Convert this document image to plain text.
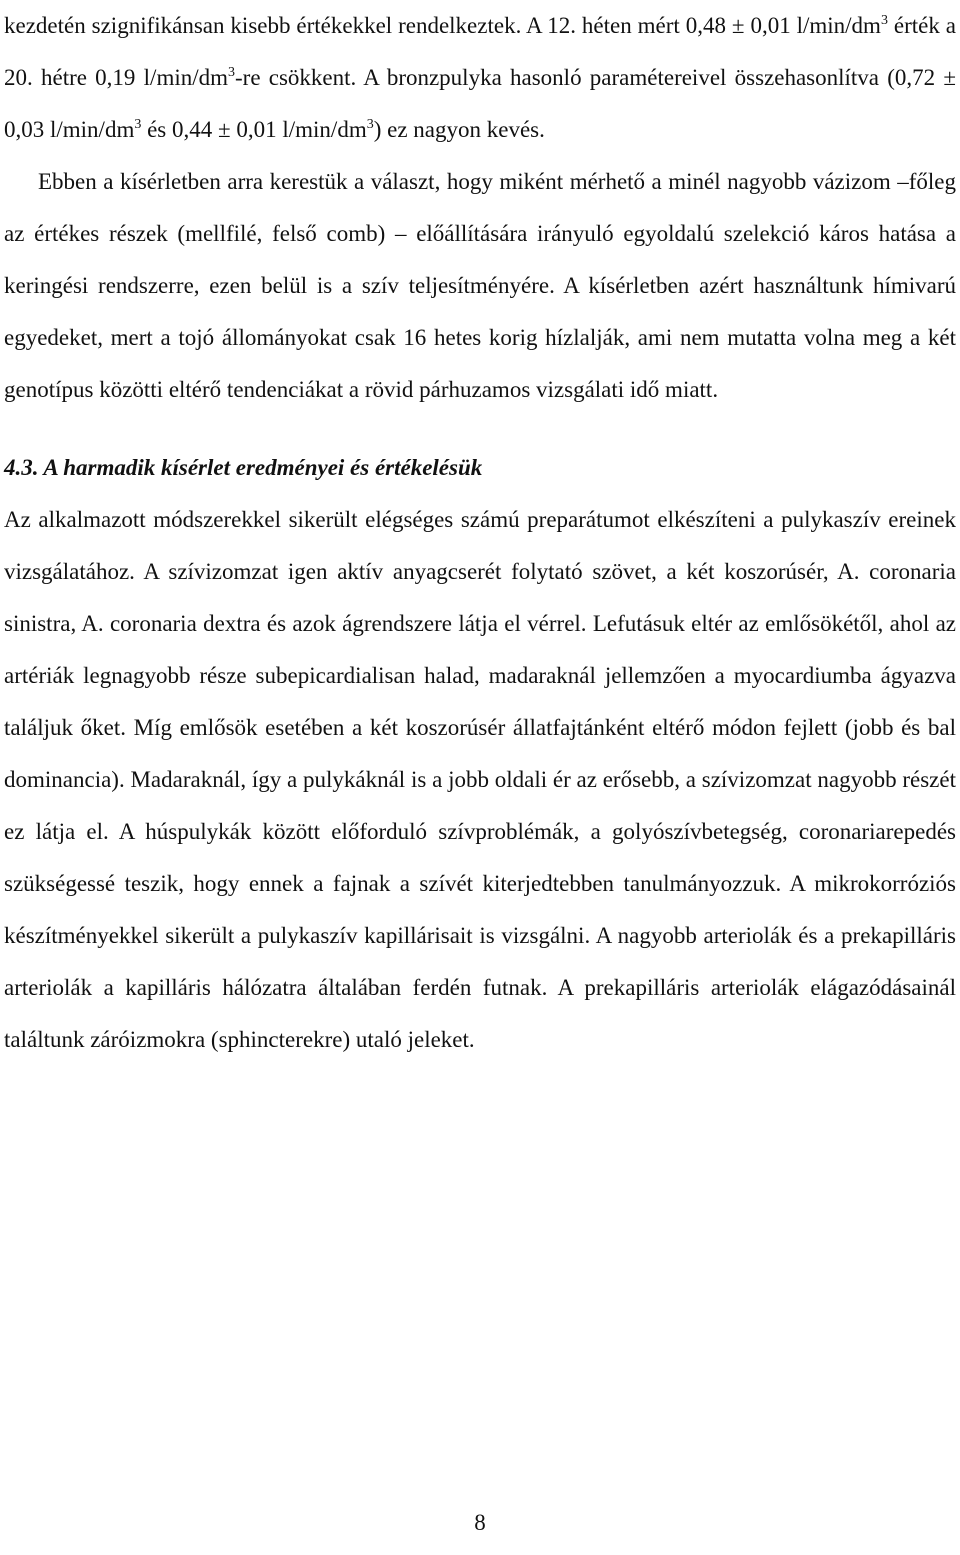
kezdetén szignifikánsan kisebb értékekkel rendelkeztek. A 12. héten mért 0,48 ± 0,01 $l/\min/dm^3$ érték a 20. hétre 0,19 $l/\min/dm^3-re$ csökkent. A bronzpulyka hasonló paramétereivel összehasonlítva (0,72 ± 0,03 $l/\min/dm^3$ és 0,44 ± 0,01 $l/\min/dm^3$) ez nagyon kevés.

Ebben a kísérletben arra kerestük a választ, hogy miként mérhető a minél nagyobb vázizom –főleg az értékes részek (mellfilé, felső comb) – előállítására irányuló egyoldalú szelekció káros hatása a keringési rendszerre, ezen belül is a szív teljesítményére. A kísérletben azért használtunk hímivarú egyedeket, mert a tojó állományokat csak 16 hetes korig hízlalják, ami nem mutatta volna meg a két genotípus közötti eltérő tendenciákat a rövid párhuzamos vizsgálati idő miatt.

4.3. A harmadik kísérlet eredményei és értékelésük

Az alkalmazott módszerekkel sikerült elégséges számú preparátumot elkészíteni a pulykaszív ereinek vizsgálatához. A szívizomzat igen aktív anyagcserét folytató szövet, a két koszorúsér, A. coronaria sinistra, A. coronaria dextra és azok ágrendszere látja el vérrel. Lefutásuk eltér az emlősökétől, ahol az artériák legnagyobb része subepicardialisan halad, madaraknál jellemzően a myocardiumba ágyazva találjuk őket. Míg emlősök esetében a két koszorúsér állatfajtánként eltérő módon fejlett (jobb és bal dominancia). Madaraknál, így a pulykáknál is a jobb oldali ér az erősebb, a szívizomzat nagyobb részét ez látja el. A húspulykák között előforduló szívproblémák, a golyószívbetegség, coronariarepedés szükségessé teszik, hogy ennek a fajnak a szívét kiterjedtebben tanulmányozzuk. A mikrokorróziós készítményekkel sikerült a pulykaszív kapillárisait is vizsgálni. A nagyobb arteriolák és a prekapilláris arteriolák a kapilláris hálózatra általában ferdén futnak. A prekapilláris arteriolák elágazódásainál találtunk záróizmokra (sphincterekre) utaló jeleket.

8
